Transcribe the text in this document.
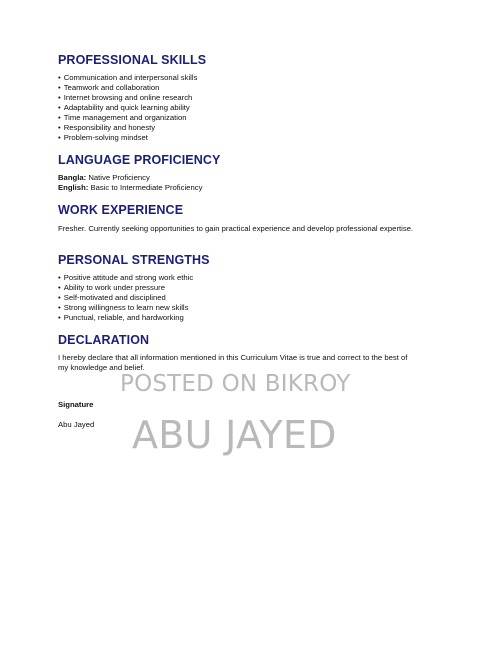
PROFESSIONAL SKILLS
• Communication and interpersonal skills
• Teamwork and collaboration
• Internet browsing and online research
• Adaptability and quick learning ability
• Time management and organization
• Responsibility and honesty
• Problem-solving mindset
LANGUAGE PROFICIENCY
Bangla: Native Proficiency
English: Basic to Intermediate Proficiency
WORK EXPERIENCE

Fresher. Currently seeking opportunities to gain practical experience and develop professional expertise.

PERSONAL STRENGTHS
• Positive attitude and strong work ethic
• Ability to work under pressure
• Self-motivated and disciplined
• Strong willingness to learn new skills
• Punctual, reliable, and hardworking
DECLARATION

I hereby declare that all information mentioned in this Curriculum Vitae is true and correct to the best of my knowledge and belief.

Signature

Abu Jayed

POSTED ON BIKROY
ABU JAYED
